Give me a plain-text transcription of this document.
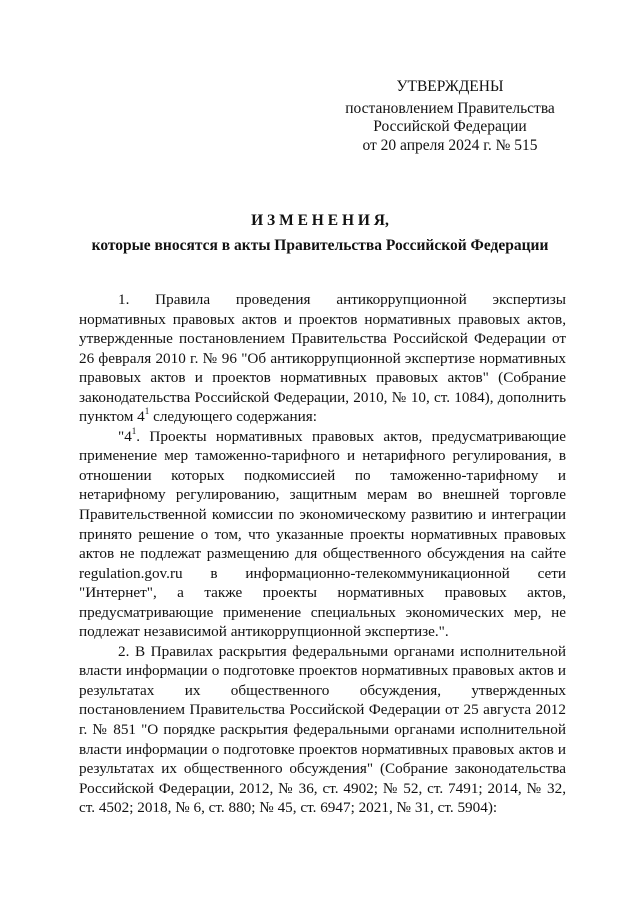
УТВЕРЖДЕНЫ
постановлением Правительства
Российской Федерации
от 20 апреля 2024 г. № 515
И З М Е Н Е Н И Я,
которые вносятся в акты Правительства Российской Федерации

1. Правила проведения антикоррупционной экспертизы нормативных правовых актов и проектов нормативных правовых актов, утвержденные постановлением Правительства Российской Федерации от 26 февраля 2010 г. № 96 "Об антикоррупционной экспертизе нормативных правовых актов и проектов нормативных правовых актов" (Собрание законодательства Российской Федерации, 2010, № 10, ст. 1084), дополнить пунктом $4^1$ следующего содержания:

"$4^1$. Проекты нормативных правовых актов, предусматривающие применение мер таможенно-тарифного и нетарифного регулирования, в отношении которых подкомиссией по таможенно-тарифному и нетарифному регулированию, защитным мерам во внешней торговле Правительственной комиссии по экономическому развитию и интеграции принято решение о том, что указанные проекты нормативных правовых актов не подлежат размещению для общественного обсуждения на сайте regulation.gov.ru в информационно-телекоммуникационной сети "Интернет", а также проекты нормативных правовых актов, предусматривающие применение специальных экономических мер, не подлежат независимой антикоррупционной экспертизе.".

2. В Правилах раскрытия федеральными органами исполнительной власти информации о подготовке проектов нормативных правовых актов и результатах их общественного обсуждения, утвержденных постановлением Правительства Российской Федерации от 25 августа 2012 г. № 851 "О порядке раскрытия федеральными органами исполнительной власти информации о подготовке проектов нормативных правовых актов и результатах их общественного обсуждения" (Собрание законодательства Российской Федерации, 2012, № 36, ст. 4902; № 52, ст. 7491; 2014, № 32, ст. 4502; 2018, № 6, ст. 880; № 45, ст. 6947; 2021, № 31, ст. 5904):
